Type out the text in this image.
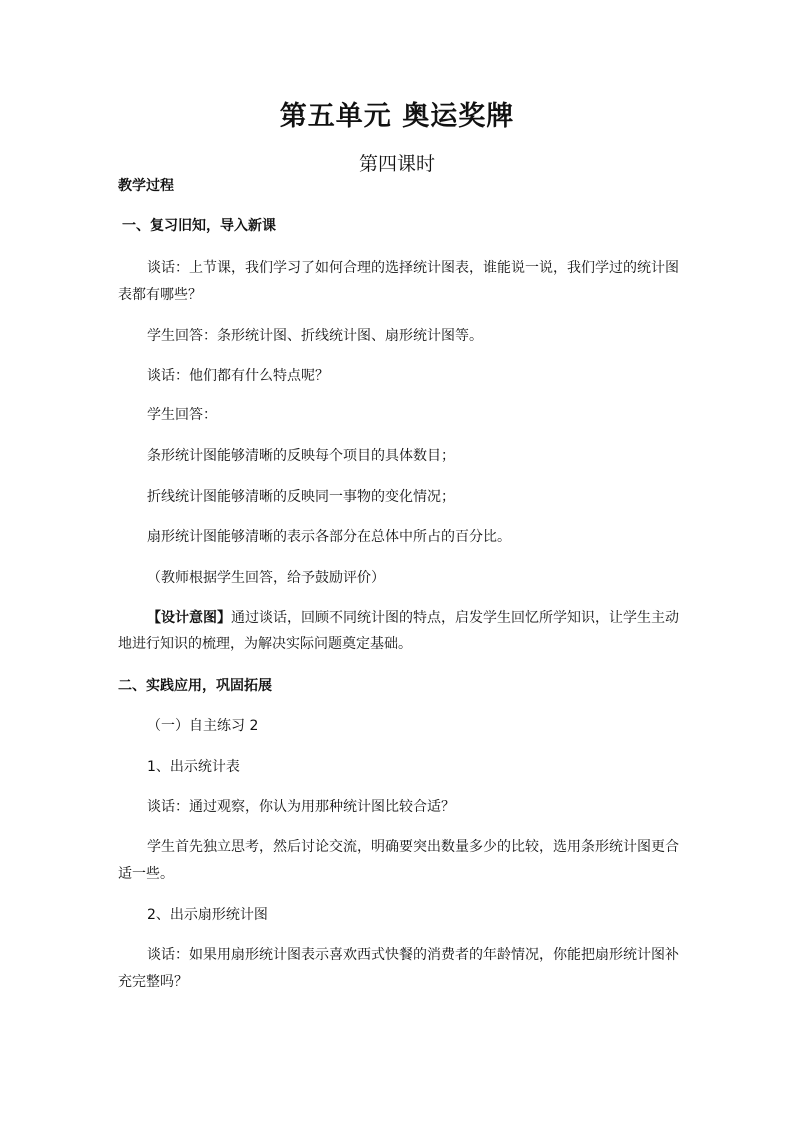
第五单元 奥运奖牌
第四课时
教学过程
一、复习旧知，导入新课
谈话：上节课，我们学习了如何合理的选择统计图表，谁能说一说，我们学过的统计图
表都有哪些？
学生回答：条形统计图、折线统计图、扇形统计图等。
谈话：他们都有什么特点呢？
学生回答：
条形统计图能够清晰的反映每个项目的具体数目；
折线统计图能够清晰的反映同一事物的变化情况；
扇形统计图能够清晰的表示各部分在总体中所占的百分比。
（教师根据学生回答，给予鼓励评价）
【设计意图】通过谈话，回顾不同统计图的特点，启发学生回忆所学知识，让学生主动
地进行知识的梳理，为解决实际问题奠定基础。
二、实践应用，巩固拓展
（一）自主练习 2
1、出示统计表
谈话：通过观察，你认为用那种统计图比较合适？
学生首先独立思考，然后讨论交流，明确要突出数量多少的比较，选用条形统计图更合
适一些。
2、出示扇形统计图
谈话：如果用扇形统计图表示喜欢西式快餐的消费者的年龄情况，你能把扇形统计图补
充完整吗？
